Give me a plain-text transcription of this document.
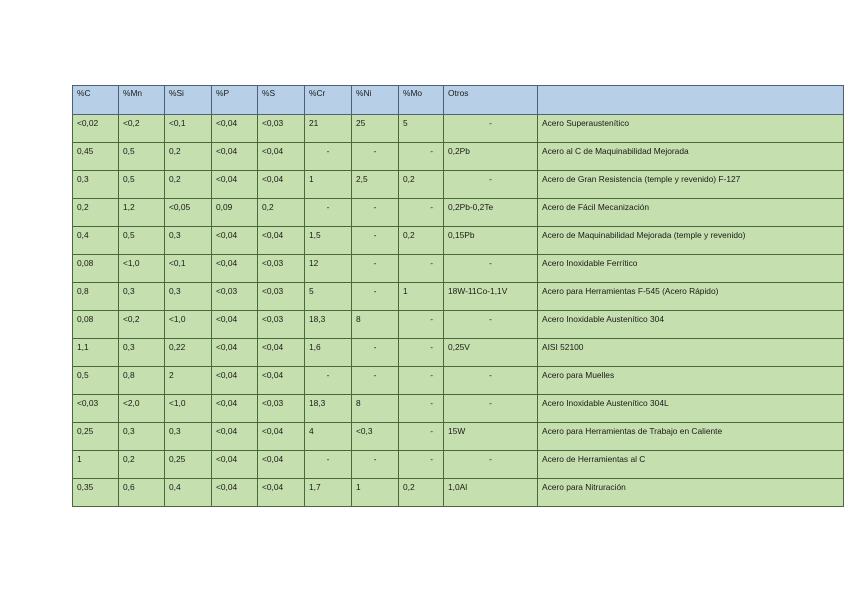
%C	%Mn	%Si	%P	%S	%Cr	%Ni	%Mo	Otros	
<0,02	<0,2	<0,1	<0,04	<0,03	21	25	5	-	Acero Superaustenítico
0,45	0,5	0,2	<0,04	<0,04	-	-	-	0,2Pb	Acero al C de Maquinabilidad Mejorada
0,3	0,5	0,2	<0,04	<0,04	1	2,5	0,2	-	Acero de Gran Resistencia (temple y revenido) F-127
0,2	1,2	<0,05	0,09	0,2	-	-	-	0,2Pb-0,2Te	Acero de Fácil Mecanización
0,4	0,5	0,3	<0,04	<0,04	1,5	-	0,2	0,15Pb	Acero de Maquinabilidad Mejorada (temple y revenido)
0,08	<1,0	<0,1	<0,04	<0,03	12	-	-	-	Acero Inoxidable Ferrítico
0,8	0,3	0,3	<0,03	<0,03	5	-	1	18W-11Co-1,1V	Acero para Herramientas F-545 (Acero Rápido)
0,08	<0,2	<1,0	<0,04	<0,03	18,3	8	-	-	Acero Inoxidable Austenítico 304
1,1	0,3	0,22	<0,04	<0,04	1,6	-	-	0,25V	AISI 52100
0,5	0,8	2	<0,04	<0,04	-	-	-	-	Acero para Muelles
<0,03	<2,0	<1,0	<0,04	<0,03	18,3	8	-	-	Acero Inoxidable Austenítico 304L
0,25	0,3	0,3	<0,04	<0,04	4	<0,3	-	15W	Acero para Herramientas de Trabajo en Caliente
1	0,2	0,25	<0,04	<0,04	-	-	-	-	Acero de Herramientas al C
0,35	0,6	0,4	<0,04	<0,04	1,7	1	0,2	1,0Al	Acero para Nitruración
